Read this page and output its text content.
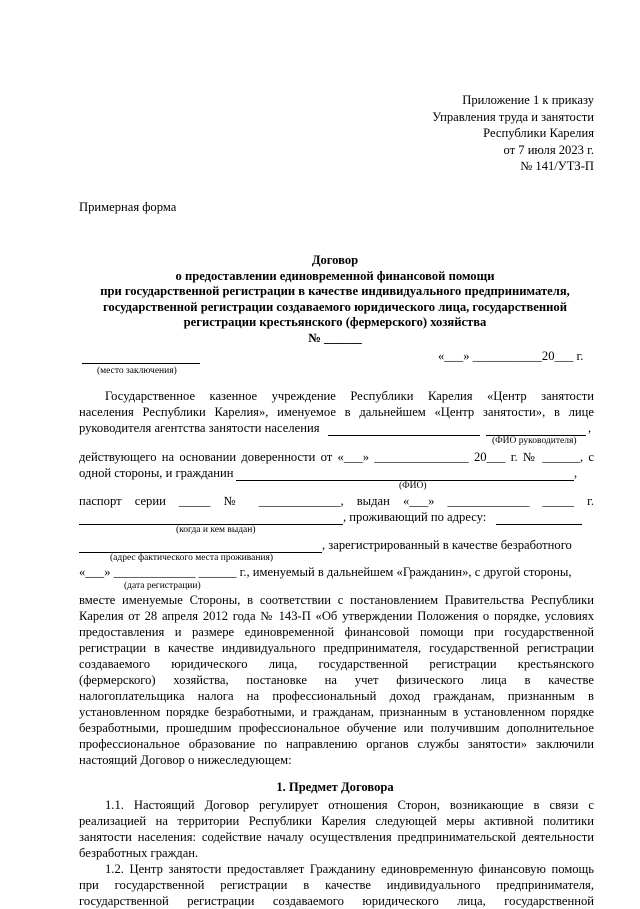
Приложение 1 к приказу
Управления труда и занятости
Республики Карелия
от 7 июля 2023 г.
№ 141/УТЗ-П
Примерная форма
Договор
о предоставлении единовременной финансовой помощи
при государственной регистрации в качестве индивидуального предпринимателя,
государственной регистрации создаваемого юридического лица, государственной
регистрации крестьянского (фермерского) хозяйства
№ ______
(место заключения)
«___» ___________20___ г.
Государственное казенное учреждение Республики Карелия «Центр занятости
населения Республики Карелия», именуемое в дальнейшем «Центр занятости», в лице
руководителя агентства занятости населения	,
(ФИО руководителя)
действующего на основании доверенности от «___» _______________ 20___ г. № ______, с
одной стороны, и гражданин	,
(ФИО)
паспорт серии _____ № _____________, выдан «___» _____________ _____ г.
, проживающий по адресу:
(когда и кем выдан)
, зарегистрированный в качестве безработного
(адрес фактического места проживания)
«___» _____________ ______ г., именуемый в дальнейшем «Гражданин», с другой стороны,
(дата регистрации)
вместе именуемые Стороны, в соответствии с постановлением Правительства Республики
Карелия от 28 апреля 2012 года № 143-П «Об утверждении Положения о порядке, условиях
предоставления и размере единовременной финансовой помощи при государственной
регистрации в качестве индивидуального предпринимателя, государственной регистрации
создаваемого юридического лица, государственной регистрации крестьянского
(фермерского) хозяйства, постановке на учет физического лица в качестве
налогоплательщика налога на профессиональный доход гражданам, признанным в
установленном порядке безработными, и гражданам, признанным в установленном порядке
безработными, прошедшим профессиональное обучение или получившим дополнительное
профессиональное образование по направлению органов службы занятости» заключили
настоящий Договор о нижеследующем:
1. Предмет Договора
1.1. Настоящий Договор регулирует отношения Сторон, возникающие в связи с
реализацией на территории Республики Карелия следующей меры активной политики
занятости населения: содействие началу осуществления предпринимательской деятельности
безработных граждан.
1.2. Центр занятости предоставляет Гражданину единовременную финансовую помощь
при государственной регистрации в качестве индивидуального предпринимателя,
государственной регистрации создаваемого юридического лица, государственной
